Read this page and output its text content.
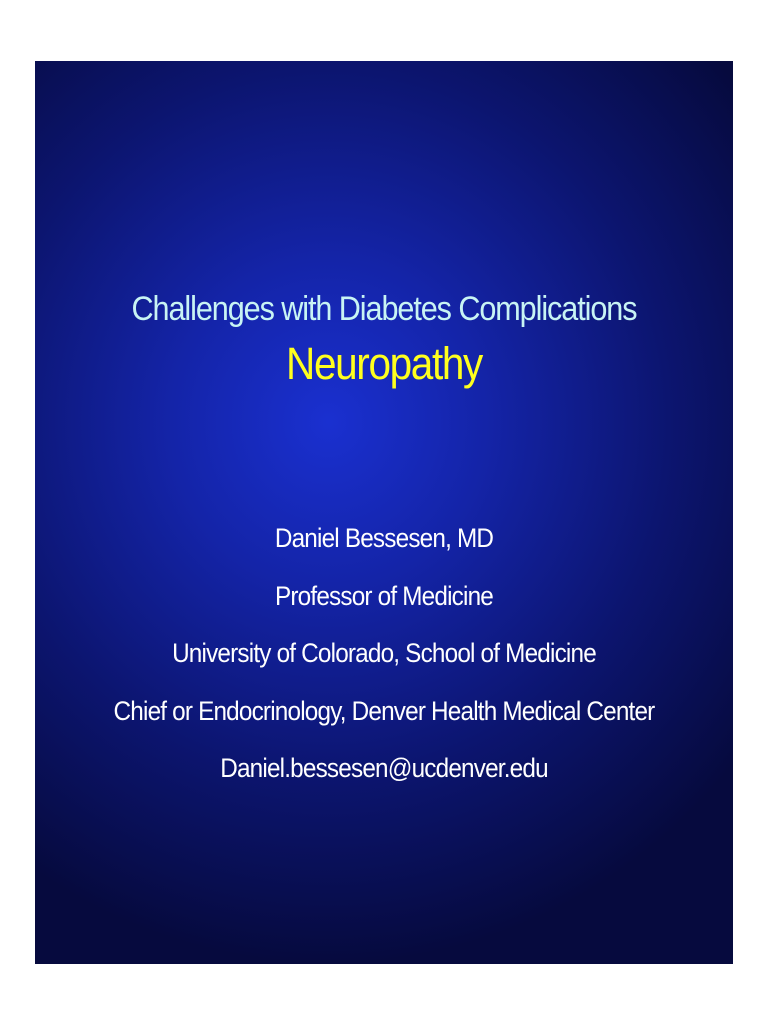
Challenges with Diabetes Complications
Neuropathy
Daniel Bessesen, MD
Professor of Medicine
University of Colorado, School of Medicine
Chief or Endocrinology, Denver Health Medical Center
Daniel.bessesen@ucdenver.edu
